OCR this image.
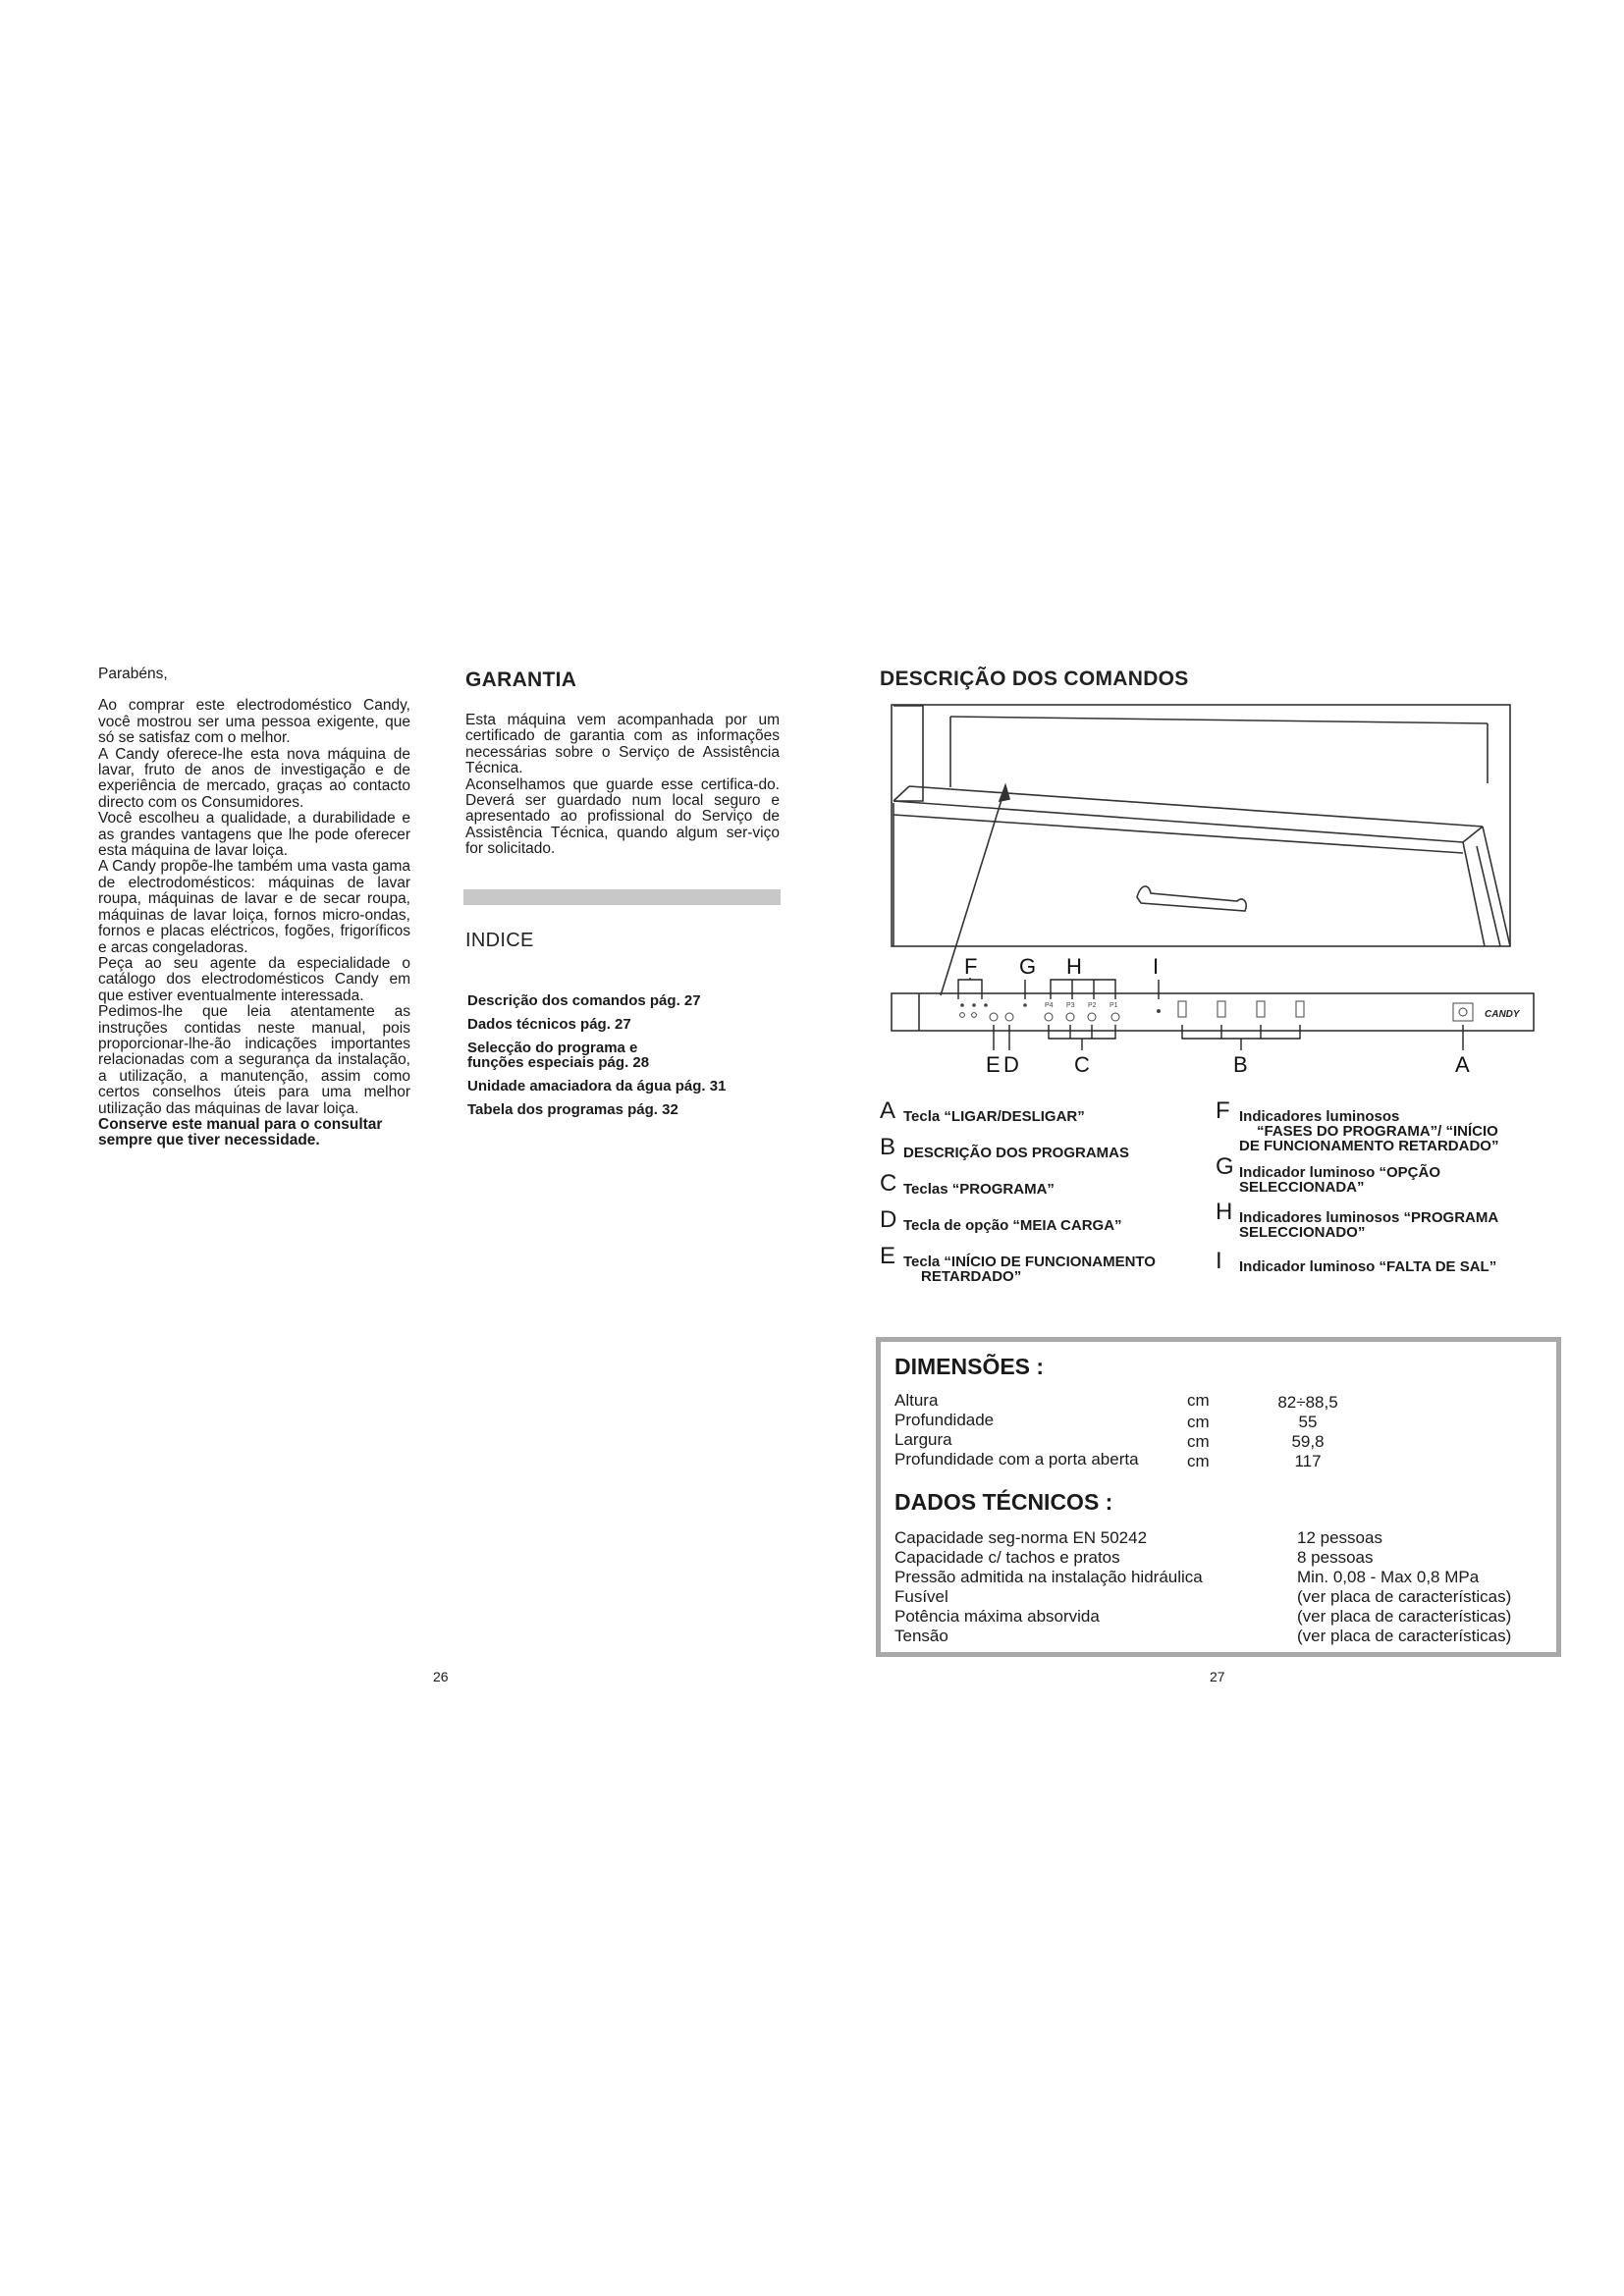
Parabéns,

Ao comprar este electrodoméstico Candy, você mostrou ser uma pessoa exigente, que só se satisfaz com o melhor.

A Candy oferece-lhe esta nova máquina de lavar, fruto de anos de investigação e de experiência de mercado, graças ao contacto directo com os Consumidores.

Você escolheu a qualidade, a durabilidade e as grandes vantagens que lhe pode oferecer esta máquina de lavar loiça.

A Candy propõe-lhe também uma vasta gama de electrodomésticos: máquinas de lavar roupa, máquinas de lavar e de secar roupa, máquinas de lavar loiça, fornos micro-ondas, fornos e placas eléctricos, fogões, frigoríficos e arcas congeladoras.

Peça ao seu agente da especialidade o catálogo dos electrodomésticos Candy em que estiver eventualmente interessada.

Pedimos-lhe que leia atentamente as instruções contidas neste manual, pois proporcionar-lhe-ão indicações importantes relacionadas com a segurança da instalação, a utilização, a manutenção, assim como certos conselhos úteis para uma melhor utilização das máquinas de lavar loiça.

Conserve este manual para o consultar sempre que tiver necessidade.

GARANTIA

Esta máquina vem acompanhada por um certificado de garantia com as informações necessárias sobre o Serviço de Assistência Técnica.

Aconselhamos que guarde esse certifica-do. Deverá ser guardado num local seguro e apresentado ao profissional do Serviço de Assistência Técnica, quando algum ser-viço for solicitado.

INDICE

Descrição dos comandos pág. 27

Dados técnicos pág. 27

Selecção do programa e funções especiais pág. 28

Unidade amaciadora da água pág. 31

Tabela dos programas pág. 32

26
DESCRIÇÃO DOS COMANDOS
F G H	I
P4 P3 P2 P1
CANDY
E D	C	B	A
A Tecla “LIGAR/DESLIGAR”
B DESCRIÇÃO DOS PROGRAMAS
C Teclas “PROGRAMA”
D Tecla de opção “MEIA CARGA”
E Tecla “INÍCIO DE FUNCIONAMENTO
RETARDADO”
F Indicadores luminosos
“FASES DO PROGRAMA”/ “INÍCIO
DE FUNCIONAMENTO RETARDADO”
G Indicador luminoso “OPÇÃO
SELECCIONADA”
H Indicadores luminosos “PROGRAMA
SELECCIONADO”
I Indicador luminoso “FALTA DE SAL”
DIMENSÕES :
Altura	cm	82÷88,5
Profundidade	cm	55
Largura	cm	59,8
Profundidade com a porta aberta	cm	117
DADOS TÉCNICOS :
Capacidade seg-norma EN 50242	12 pessoas
Capacidade c/ tachos e pratos	8 pessoas
Pressão admitida na instalação hidráulica	Min. 0,08 - Max 0,8 MPa
Fusível	(ver placa de características)
Potência máxima absorvida	(ver placa de características)
Tensão	(ver placa de características)
27
